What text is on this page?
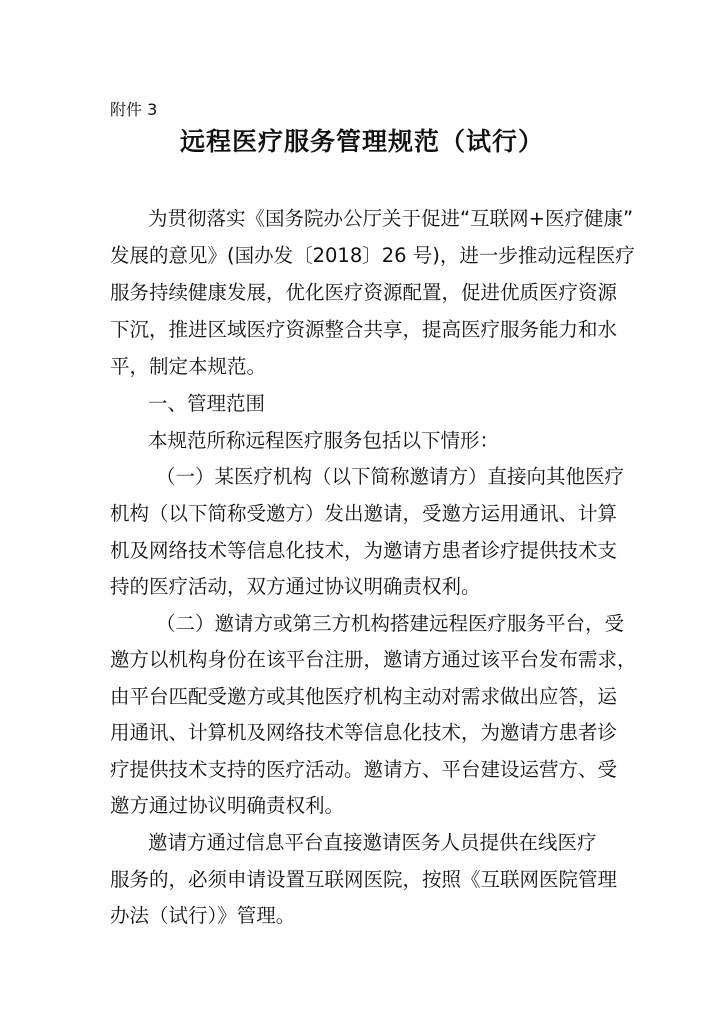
附件 3
远程医疗服务管理规范（试行）
为贯彻落实《国务院办公厅关于促进“互联网+医疗健康”
发展的意见》(国办发〔2018〕26 号)，进一步推动远程医疗
服务持续健康发展，优化医疗资源配置，促进优质医疗资源
下沉，推进区域医疗资源整合共享，提高医疗服务能力和水
平，制定本规范。
一、管理范围
本规范所称远程医疗服务包括以下情形：
（一）某医疗机构（以下简称邀请方）直接向其他医疗
机构（以下简称受邀方）发出邀请，受邀方运用通讯、计算
机及网络技术等信息化技术，为邀请方患者诊疗提供技术支
持的医疗活动，双方通过协议明确责权利。
（二）邀请方或第三方机构搭建远程医疗服务平台，受
邀方以机构身份在该平台注册，邀请方通过该平台发布需求，
由平台匹配受邀方或其他医疗机构主动对需求做出应答，运
用通讯、计算机及网络技术等信息化技术，为邀请方患者诊
疗提供技术支持的医疗活动。邀请方、平台建设运营方、受
邀方通过协议明确责权利。
邀请方通过信息平台直接邀请医务人员提供在线医疗
服务的，必须申请设置互联网医院，按照《互联网医院管理
办法（试行）》管理。
